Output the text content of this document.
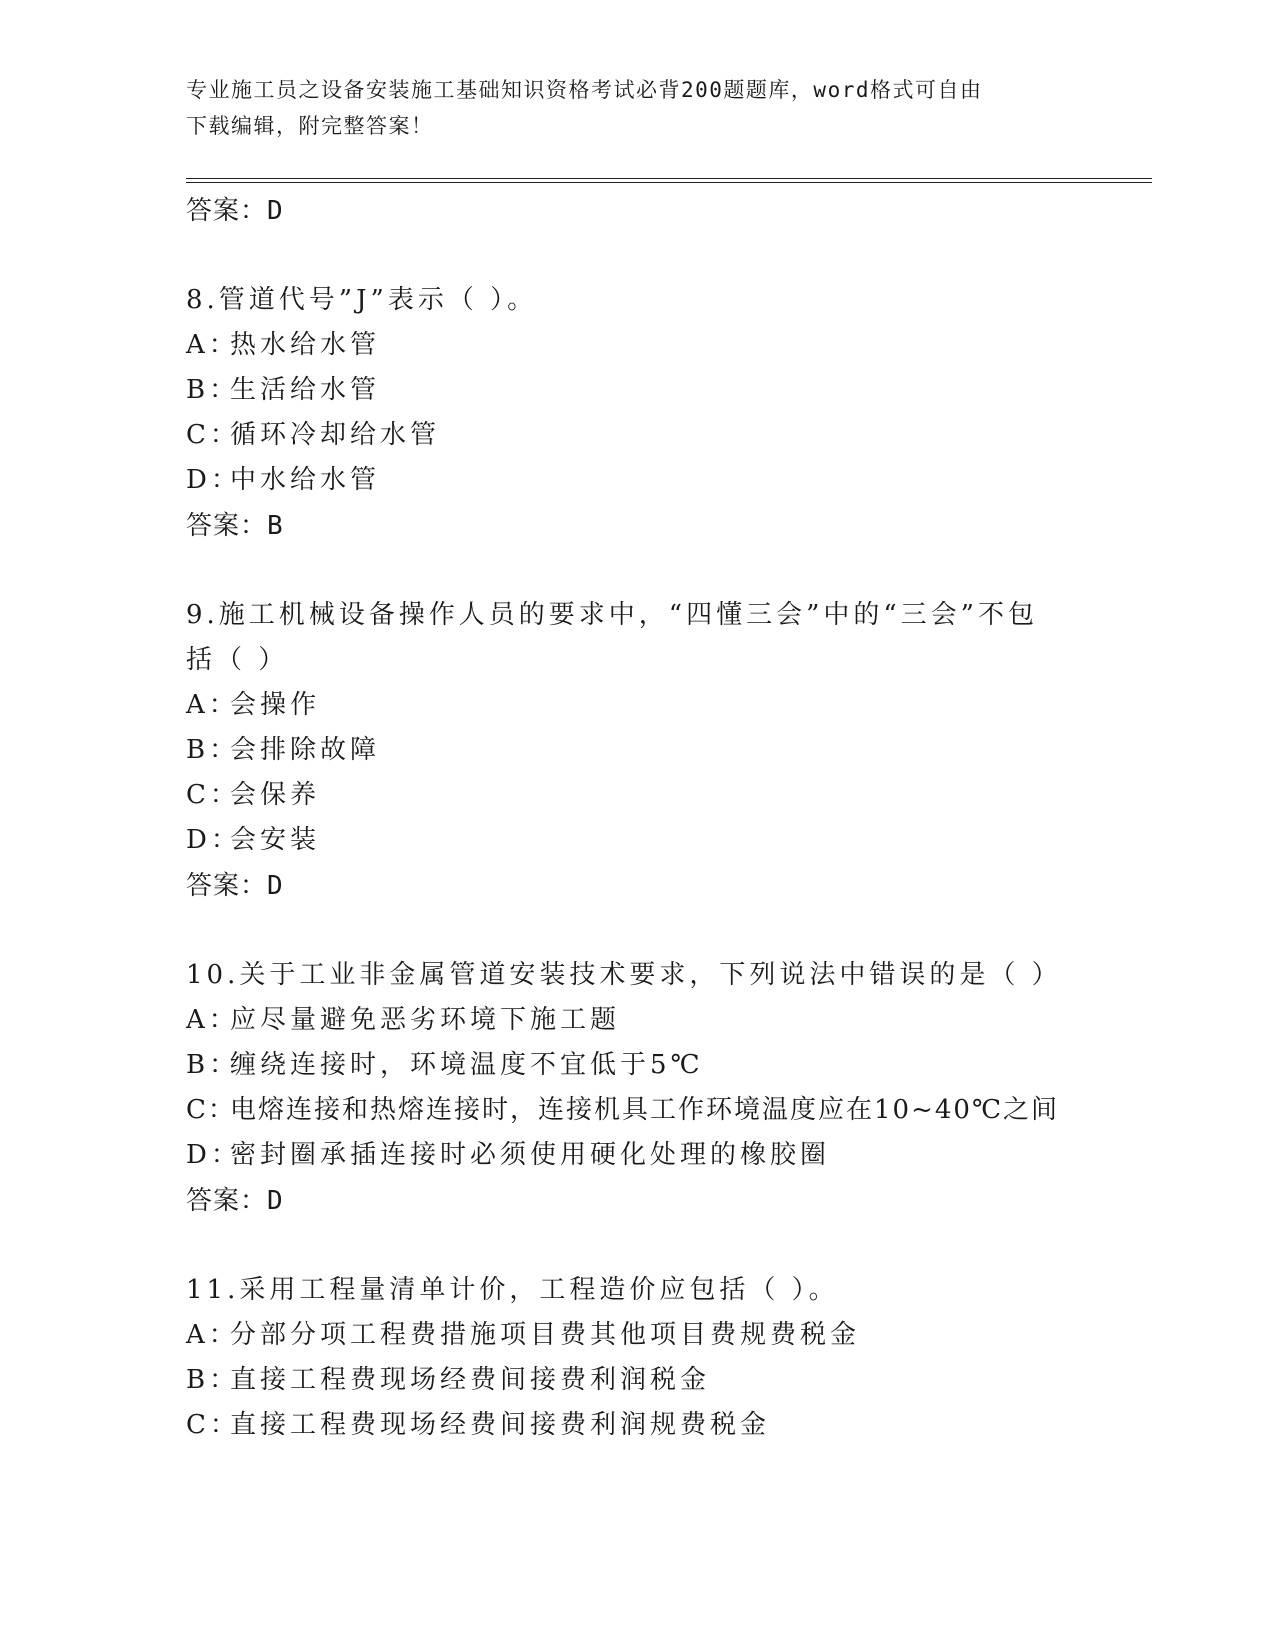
专业施工员之设备安装施工基础知识资格考试必背200题题库，word格式可自由
下载编辑，附完整答案！
答案：D
8.管道代号”J”表示（ ）。
A：热水给水管
B：生活给水管
C：循环冷却给水管
D：中水给水管
答案：B
9.施工机械设备操作人员的要求中，“四懂三会”中的“三会”不包括（ ）
A：会操作
B：会排除故障
C：会保养
D：会安装
答案：D
10.关于工业非金属管道安装技术要求，下列说法中错误的是（ ）
A：应尽量避免恶劣环境下施工题
B：缠绕连接时，环境温度不宜低于5℃
C：电熔连接和热熔连接时，连接机具工作环境温度应在10~40℃之间
D：密封圈承插连接时必须使用硬化处理的橡胶圈
答案：D
11.采用工程量清单计价，工程造价应包括（ ）。
A：分部分项工程费措施项目费其他项目费规费税金
B：直接工程费现场经费间接费利润税金
C：直接工程费现场经费间接费利润规费税金
